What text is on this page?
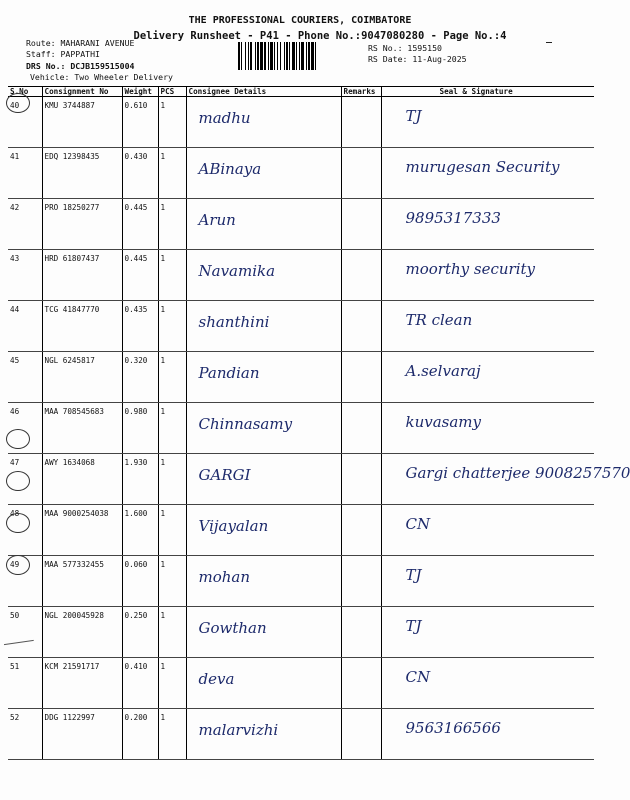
THE PROFESSIONAL COURIERS, COIMBATORE
Delivery Runsheet - P41 - Phone No.:9047080280 - Page No.:4
Route: MAHARANI AVENUE
Staff: PAPPATHI
DRS No.: DCJB159515004
Vehicle: Two Wheeler Delivery
RS No.: 1595150
RS Date: 11-Aug-2025
S.No	Consignment No	Weight	PCS	Consignee Details	Remarks	Seal & Signature
40	KMU 3744887	0.610	1	madhu		TJ
41	EDQ 12398435	0.430	1	ABinaya		murugesan Security
42	PRO 18250277	0.445	1	Arun		9895317333
43	HRD 61807437	0.445	1	Navamika		moorthy security
44	TCG 41847770	0.435	1	shanthini		TR clean
45	NGL 6245817	0.320	1	Pandian		A.selvaraj
46	MAA 708545683	0.980	1	Chinnasamy		kuvasamy
47	AWY 1634068	1.930	1	GARGI		Gargi chatterjee 9008257570
48	MAA 9000254038	1.600	1	Vijayalan		CN
49	MAA 577332455	0.060	1	mohan		TJ
50	NGL 200045928	0.250	1	Gowthan		TJ
51	KCM 21591717	0.410	1	deva		CN
52	DDG 1122997	0.200	1	malarvizhi		9563166566
